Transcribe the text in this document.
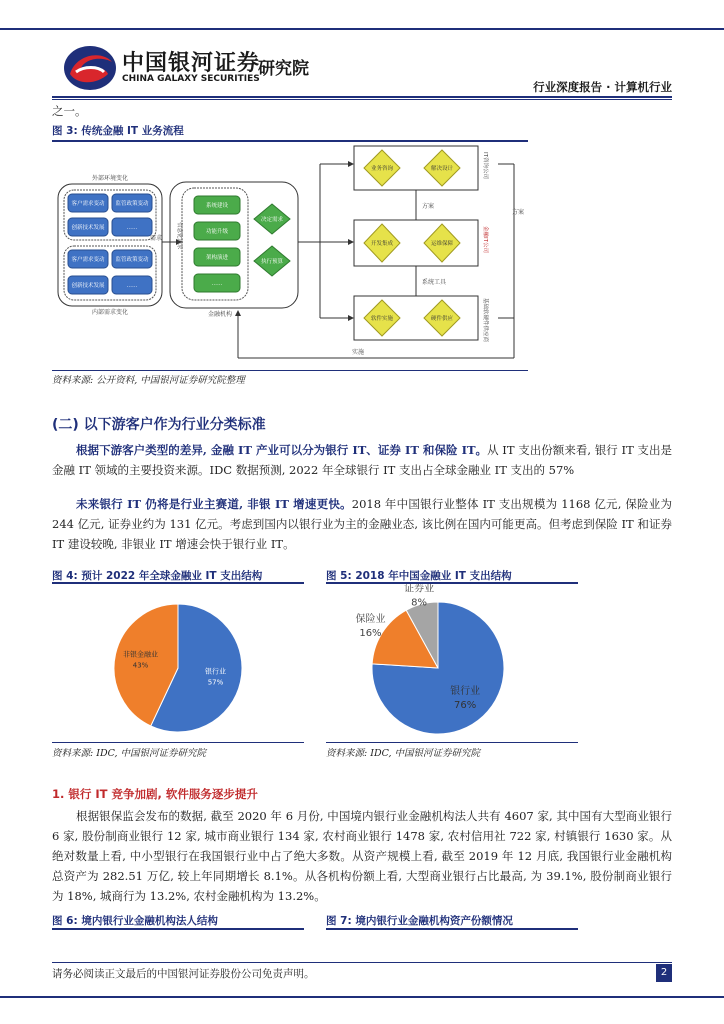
中国银河证券
CHINA GALAXY SECURITIES
研究院
行业深度报告 · 计算机行业
之一。
图 3: 传统金融 IT 业务流程
外部环境变化
内部需求变化
客户需求变动 监管政策变动
创新技术发展	……
客户需求变动 监管政策变动
创新技术发展	……
需求
金融机构
信息化需求
系统建设
功能升级
架构演进
……
决定需求
执行预算
业务咨询	解决设计
开发集成	运维保障
软件实施	硬件供应
方案
系统工具
IT咨询公司
金融IT公司
基础软硬件供应商
方案
实施
资料来源: 公开资料, 中国银河证券研究院整理
(二) 以下游客户作为行业分类标准
根据下游客户类型的差异, 金融 IT 产业可以分为银行 IT、证券 IT 和保险 IT。从 IT 支出份额来看, 银行 IT 支出是金融 IT 领域的主要投资来源。IDC 数据预测, 2022 年全球银行 IT 支出占全球金融业 IT 支出的 57%
未来银行 IT 仍将是行业主赛道, 非银 IT 增速更快。2018 年中国银行业整体 IT 支出规模为 1168 亿元, 保险业为 244 亿元, 证券业约为 131 亿元。考虑到国内以银行业为主的金融业态, 该比例在国内可能更高。但考虑到保险 IT 和证券 IT 建设较晚, 非银业 IT 增速会快于银行业 IT。
图 4: 预计 2022 年全球金融业 IT 支出结构	图 5: 2018 年中国金融业 IT 支出结构
银行业
57%
非银金融业
43%
银行业
76%
保险业
16%
证券业
8%
资料来源: IDC, 中国银河证券研究院	资料来源: IDC, 中国银河证券研究院
1. 银行 IT 竞争加剧, 软件服务逐步提升
根据银保监会发布的数据, 截至 2020 年 6 月份, 中国境内银行业金融机构法人共有 4607 家, 其中国有大型商业银行 6 家, 股份制商业银行 12 家, 城市商业银行 134 家, 农村商业银行 1478 家, 农村信用社 722 家, 村镇银行 1630 家。从绝对数量上看, 中小型银行在我国银行业中占了绝大多数。从资产规模上看, 截至 2019 年 12 月底, 我国银行业金融机构总资产为 282.51 万亿, 较上年同期增长 8.1%。从各机构份额上看, 大型商业银行占比最高, 为 39.1%, 股份制商业银行为 18%, 城商行为 13.2%, 农村金融机构为 13.2%。
图 6: 境内银行业金融机构法人结构	图 7: 境内银行业金融机构资产份额情况
请务必阅读正文最后的中国银河证券股份公司免责声明。	2
